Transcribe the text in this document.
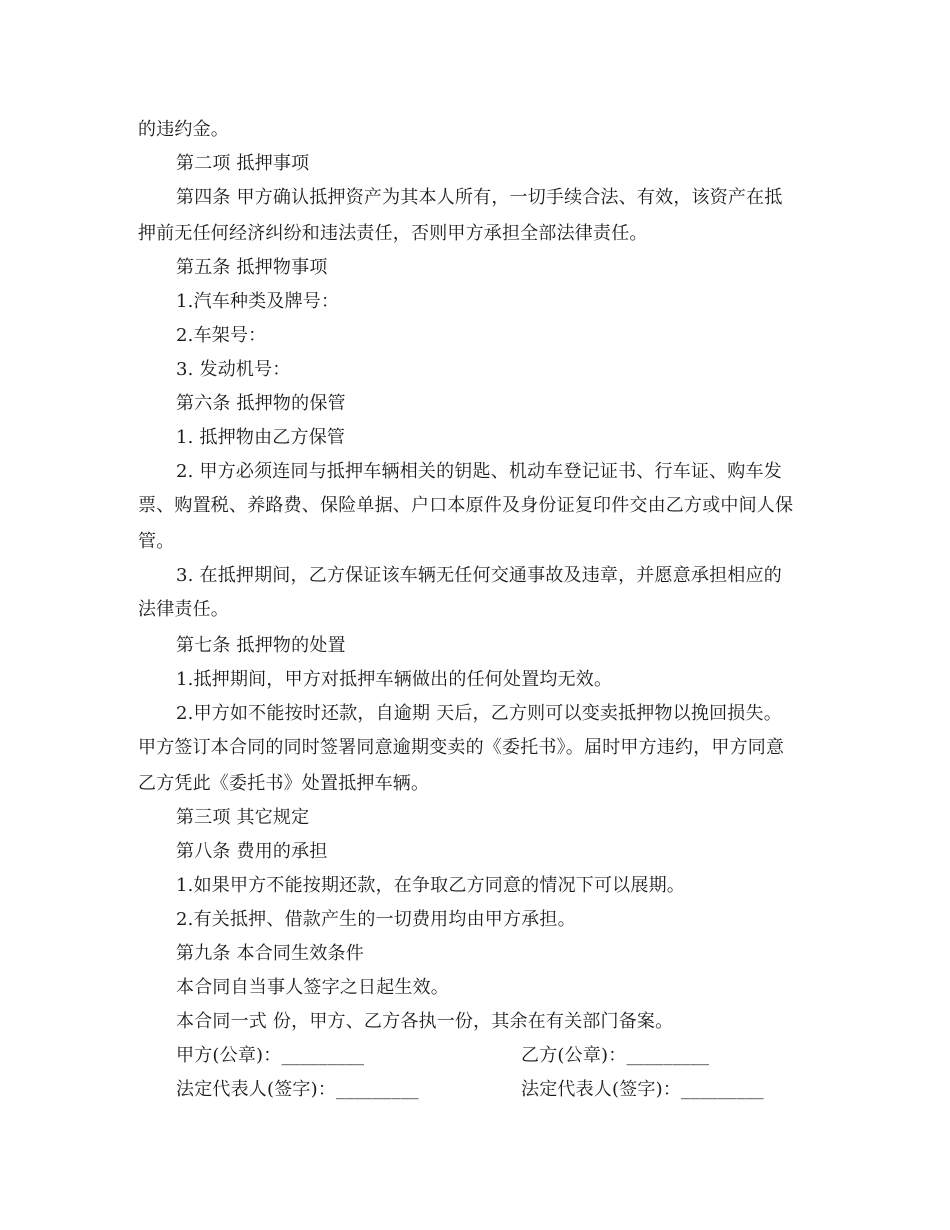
的违约金。
第二项 抵押事项
第四条 甲方确认抵押资产为其本人所有，一切手续合法、有效，该资产在抵
押前无任何经济纠纷和违法责任，否则甲方承担全部法律责任。
第五条 抵押物事项
1.汽车种类及牌号：
2.车架号：
3. 发动机号：
第六条 抵押物的保管
1. 抵押物由乙方保管
2. 甲方必须连同与抵押车辆相关的钥匙、机动车登记证书、行车证、购车发
票、购置税、养路费、保险单据、户口本原件及身份证复印件交由乙方或中间人保
管。
3. 在抵押期间，乙方保证该车辆无任何交通事故及违章，并愿意承担相应的
法律责任。
第七条 抵押物的处置
1.抵押期间，甲方对抵押车辆做出的任何处置均无效。
2.甲方如不能按时还款，自逾期 天后，乙方则可以变卖抵押物以挽回损失。
甲方签订本合同的同时签署同意逾期变卖的《委托书》。届时甲方违约，甲方同意
乙方凭此《委托书》处置抵押车辆。
第三项 其它规定
第八条 费用的承担
1.如果甲方不能按期还款，在争取乙方同意的情况下可以展期。
2.有关抵押、借款产生的一切费用均由甲方承担。
第九条 本合同生效条件
本合同自当事人签字之日起生效。
本合同一式 份，甲方、乙方各执一份，其余在有关部门备案。
甲方(公章)：_________	乙方(公章)：_________
法定代表人(签字)：_________	法定代表人(签字)：_________
